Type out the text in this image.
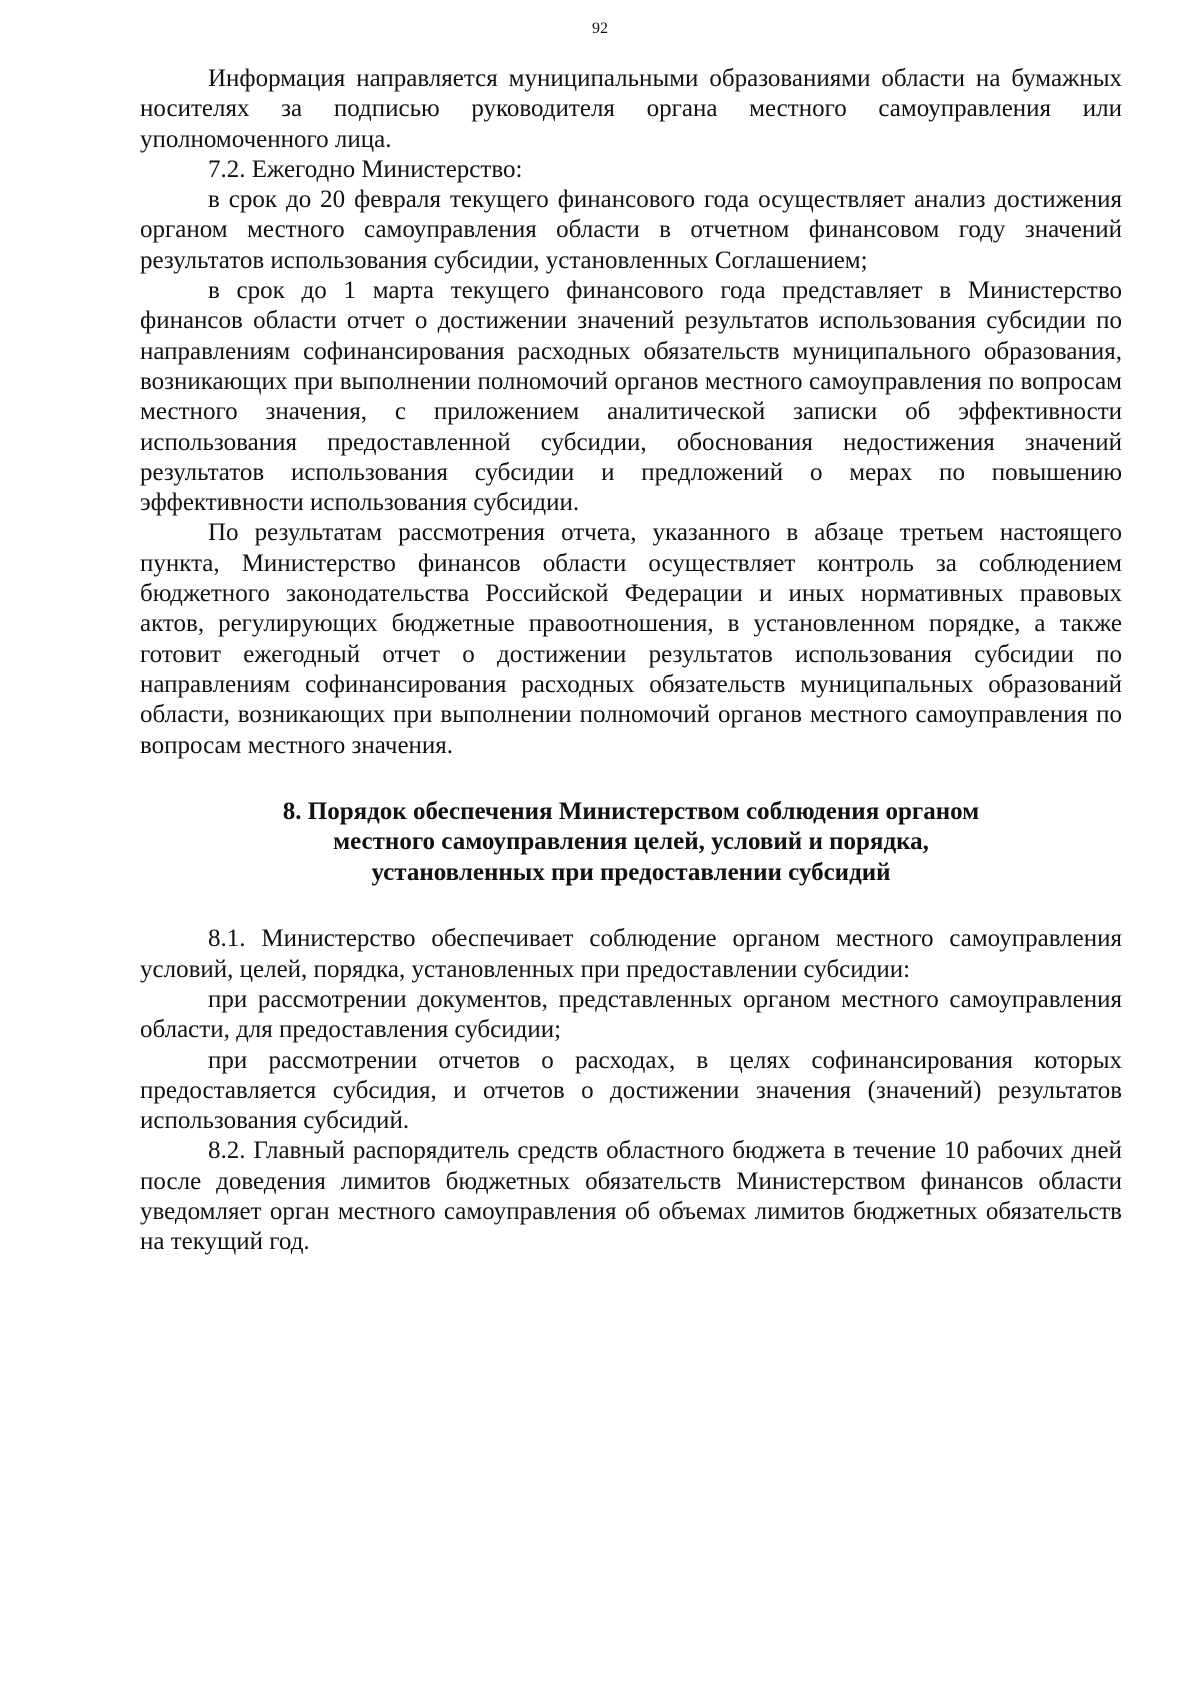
92

Информация направляется муниципальными образованиями области на бумажных носителях за подписью руководителя органа местного самоуправления или уполномоченного лица.

7.2. Ежегодно Министерство:

в срок до 20 февраля текущего финансового года осуществляет анализ достижения органом местного самоуправления области в отчетном финансовом году значений результатов использования субсидии, установленных Соглашением;

в срок до 1 марта текущего финансового года представляет в Министерство финансов области отчет о достижении значений результатов использования субсидии по направлениям софинансирования расходных обязательств муниципального образования, возникающих при выполнении полномочий органов местного самоуправления по вопросам местного значения, с приложением аналитической записки об эффективности использования предоставленной субсидии, обоснования недостижения значений результатов использования субсидии и предложений о мерах по повышению эффективности использования субсидии.

По результатам рассмотрения отчета, указанного в абзаце третьем настоящего пункта, Министерство финансов области осуществляет контроль за соблюдением бюджетного законодательства Российской Федерации и иных нормативных правовых актов, регулирующих бюджетные правоотношения, в установленном порядке, а также готовит ежегодный отчет о достижении результатов использования субсидии по направлениям софинансирования расходных обязательств муниципальных образований области, возникающих при выполнении полномочий органов местного самоуправления по вопросам местного значения.

8. Порядок обеспечения Министерством соблюдения органом
местного самоуправления целей, условий и порядка,
установленных при предоставлении субсидий

8.1. Министерство обеспечивает соблюдение органом местного самоуправления условий, целей, порядка, установленных при предоставлении субсидии:

при рассмотрении документов, представленных органом местного самоуправления области, для предоставления субсидии;

при рассмотрении отчетов о расходах, в целях софинансирования которых предоставляется субсидия, и отчетов о достижении значения (значений) результатов использования субсидий.

8.2. Главный распорядитель средств областного бюджета в течение 10 рабочих дней после доведения лимитов бюджетных обязательств Министерством финансов области уведомляет орган местного самоуправления об объемах лимитов бюджетных обязательств на текущий год.
